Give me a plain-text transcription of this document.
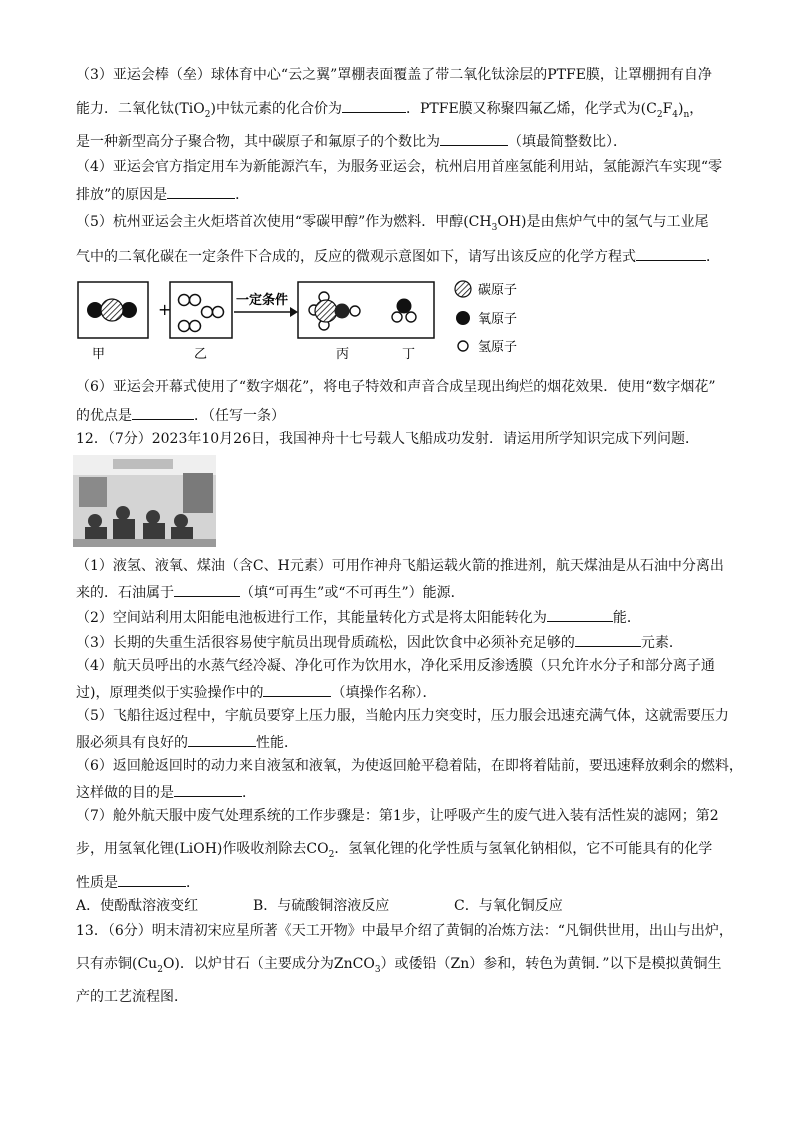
（3）亚运会棒（垒）球体育中心“云之翼”罩棚表面覆盖了带二氧化钛涂层的PTFE膜，让罩棚拥有自净
能力．二氧化钛(TiO$_2$)中钛元素的化合价为	．PTFE膜又称聚四氟乙烯，化学式为$(C_2F_4)_n$，
是一种新型高分子聚合物，其中碳原子和氟原子的个数比为	（填最简整数比）．
（4）亚运会官方指定用车为新能源汽车，为服务亚运会，杭州启用首座氢能利用站，氢能源汽车实现“零
排放”的原因是	．
（5）杭州亚运会主火炬塔首次使用“零碳甲醇”作为燃料．甲醇$(CH_3OH)$是由焦炉气中的氢气与工业尾
气中的二氧化碳在一定条件下合成的，反应的微观示意图如下，请写出该反应的化学方程式	．
+	一定条件
甲	乙	丙	丁
碳原子
氧原子
氢原子
（6）亚运会开幕式使用了“数字烟花”，将电子特效和声音合成呈现出绚烂的烟花效果．使用“数字烟花”
的优点是	．（任写一条）
12．（7分）2023年10月26日，我国神舟十七号载人飞船成功发射．请运用所学知识完成下列问题．
（1）液氢、液氧、煤油（含C、H元素）可用作神舟飞船运载火箭的推进剂，航天煤油是从石油中分离出
来的．石油属于	（填“可再生”或“不可再生”）能源．
（2）空间站利用太阳能电池板进行工作，其能量转化方式是将太阳能转化为	能．
（3）长期的失重生活很容易使宇航员出现骨质疏松，因此饮食中必须补充足够的	元素．
（4）航天员呼出的水蒸气经冷凝、净化可作为饮用水，净化采用反渗透膜（只允许水分子和部分离子通
过)，原理类似于实验操作中的	（填操作名称）．
（5）飞船往返过程中，宇航员要穿上压力服，当舱内压力突变时，压力服会迅速充满气体，这就需要压力
服必须具有良好的	性能．
（6）返回舱返回时的动力来自液氢和液氧，为使返回舱平稳着陆，在即将着陆前，要迅速释放剩余的燃料，
这样做的目的是	．
（7）舱外航天服中废气处理系统的工作步骤是：第1步，让呼吸产生的废气进入装有活性炭的滤网；第2
步，用氢氧化锂(LiOH)作吸收剂除去$CO_2$．氢氧化锂的化学性质与氢氧化钠相似，它不可能具有的化学
性质是	．
A．使酚酞溶液变红	B．与硫酸铜溶液反应	C．与氧化铜反应
13．（6分）明末清初宋应星所著《天工开物》中最早介绍了黄铜的冶炼方法：“凡铜供世用，出山与出炉，
只有赤铜$(Cu_2O)$．以炉甘石（主要成分为ZnCO$_3$）或倭铅（Zn）参和，转色为黄铜．”以下是模拟黄铜生
产的工艺流程图．
